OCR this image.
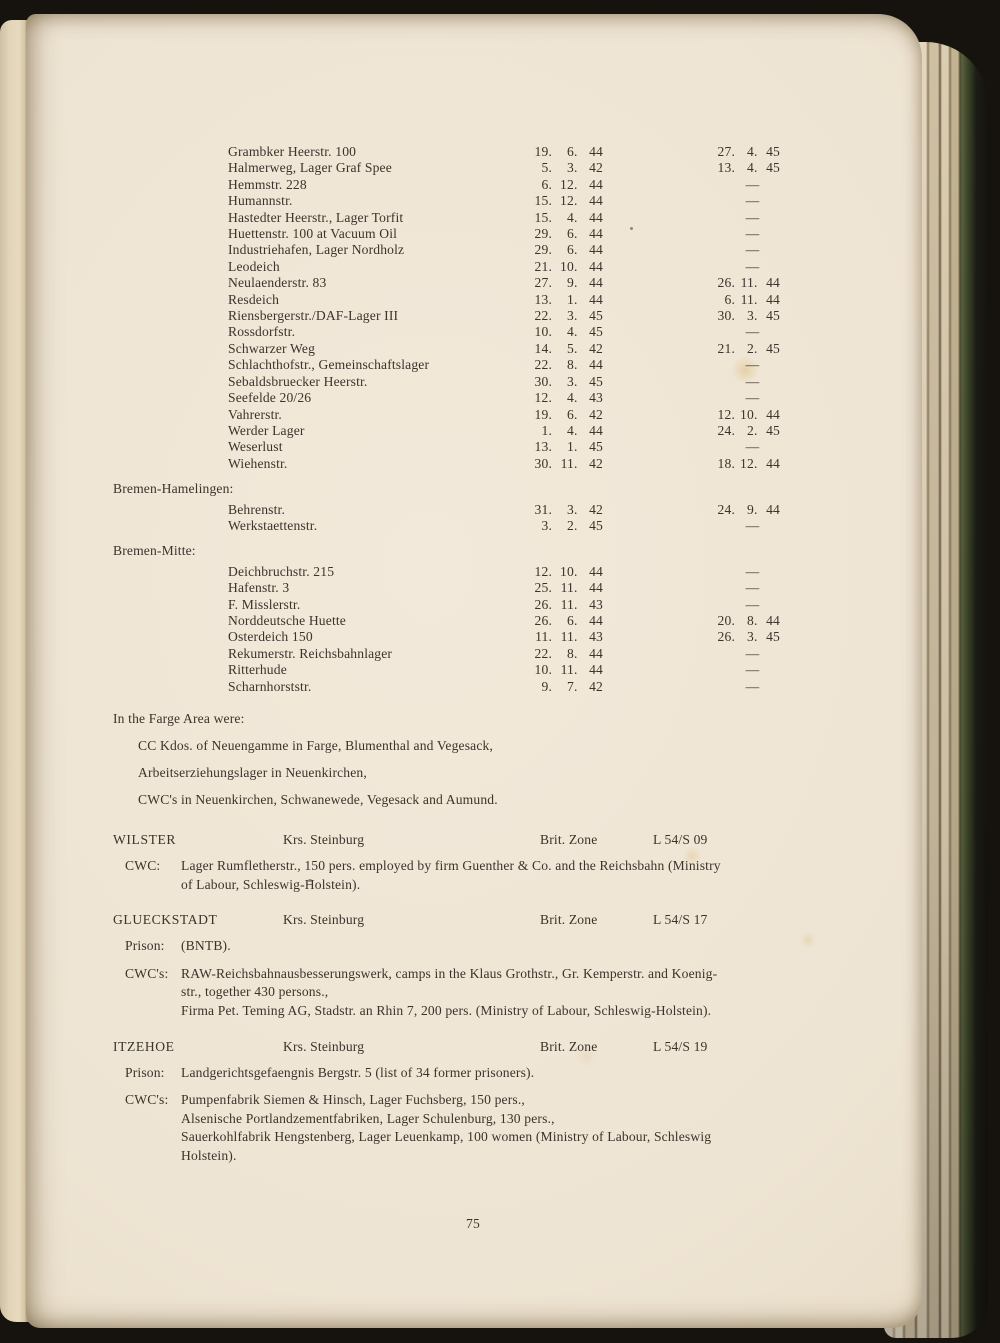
Grambker Heerstr. 100	19.	6. 44	27. 4. 45
Halmerweg, Lager Graf Spee	5.	3. 42	13. 4. 45
Hemmstr. 228	6. 12. 44	—
Humannstr.	15. 12. 44	—
Hastedter Heerstr., Lager Torfit	15.	4. 44	—
Huettenstr. 100 at Vacuum Oil	29.	6. 44	—
Industriehafen, Lager Nordholz	29.	6. 44	—
Leodeich	21. 10. 44	—
Neulaenderstr. 83	27.	9. 44	26. 11. 44
Resdeich	13.	1. 44	6. 11. 44
Riensbergerstr./DAF-Lager III	22.	3. 45	30. 3. 45
Rossdorfstr.	10.	4. 45	—
Schwarzer Weg	14.	5. 42	21. 2. 45
Schlachthofstr., Gemeinschaftslager	22.	8. 44	—
Sebaldsbruecker Heerstr.	30.	3. 45	—
Seefelde 20/26	12.	4. 43	—
Vahrerstr.	19.	6. 42	12. 10. 44
Werder Lager	1.	4. 44	24. 2. 45
Weserlust	13.	1. 45	—
Wiehenstr.	30. 11. 42	18. 12. 44
Bremen-Hamelingen:
Behrenstr.	31.	3. 42	24. 9. 44
Werkstaettenstr.	3.	2. 45	—
Bremen-Mitte:
Deichbruchstr. 215	12. 10. 44	—
Hafenstr. 3	25. 11. 44	—
F. Misslerstr.	26. 11. 43	—
Norddeutsche Huette	26.	6. 44	20. 8. 44
Osterdeich 150	11. 11. 43	26. 3. 45
Rekumerstr. Reichsbahnlager	22.	8. 44	—
Ritterhude	10. 11. 44	—
Scharnhorststr.	9.	7. 42	—
In the Farge Area were:
CC Kdos. of Neuengamme in Farge, Blumenthal and Vegesack,
Arbeitserziehungslager in Neuenkirchen,
CWC's in Neuenkirchen, Schwanewede, Vegesack and Aumund.
WILSTER	Krs. Steinburg	Brit. Zone	L 54/S 09
CWC:	Lager Rumfletherstr., 150 pers. employed by firm Guenther & Co. and the Reichsbahn (Ministry
of Labour, Schleswig-Holstein).
GLUECKSTADT	Krs. Steinburg	Brit. Zone	L 54/S 17
Prison:	(BNTB).
CWC's: RAW-Reichsbahnausbesserungswerk, camps in the Klaus Grothstr., Gr. Kemperstr. and Koenig-
str., together 430 persons.,
Firma Pet. Teming AG, Stadstr. an Rhin 7, 200 pers. (Ministry of Labour, Schleswig-Holstein).
ITZEHOE	Krs. Steinburg	Brit. Zone	L 54/S 19
Prison:	Landgerichtsgefaengnis Bergstr. 5 (list of 34 former prisoners).
CWC's: Pumpenfabrik Siemen & Hinsch, Lager Fuchsberg, 150 pers.,
Alsenische Portlandzementfabriken, Lager Schulenburg, 130 pers.,
Sauerkohlfabrik Hengstenberg, Lager Leuenkamp, 100 women (Ministry of Labour, Schleswig
Holstein).
75
